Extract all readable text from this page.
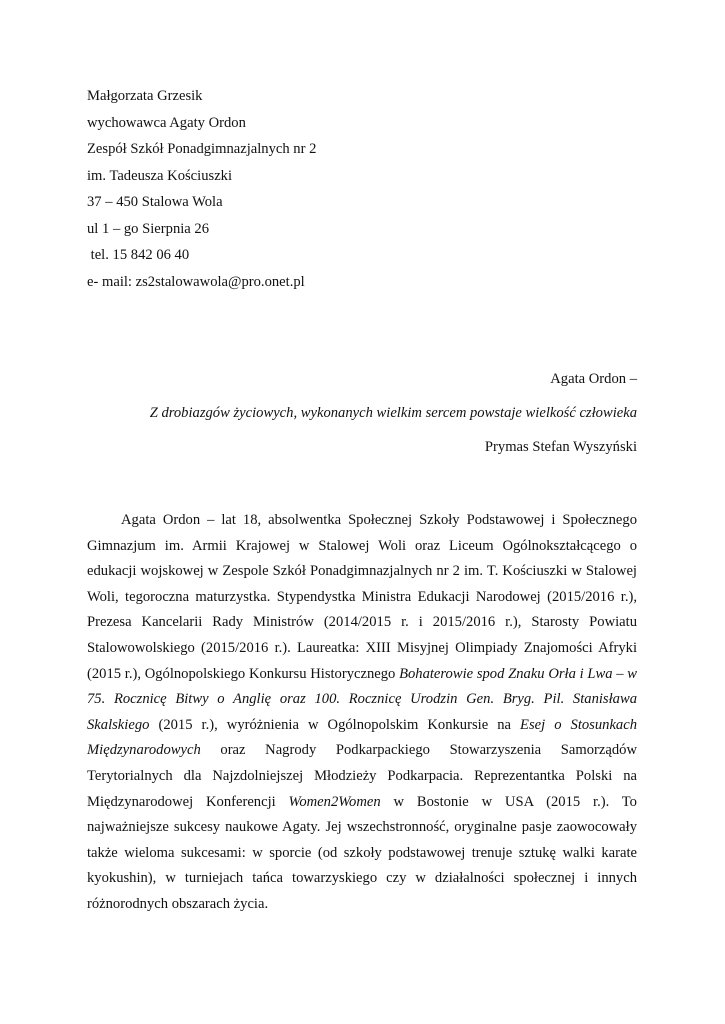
Małgorzata Grzesik
wychowawca Agaty Ordon
Zespół Szkół Ponadgimnazjalnych nr 2
im. Tadeusza Kościuszki
37 – 450 Stalowa Wola
ul 1 – go Sierpnia 26
tel. 15 842 06 40
e- mail: zs2stalowawola@pro.onet.pl
Agata Ordon –
Z drobiazgów życiowych, wykonanych wielkim sercem powstaje wielkość człowieka
Prymas Stefan Wyszyński

Agata Ordon – lat 18, absolwentka Społecznej Szkoły Podstawowej i Społecznego Gimnazjum im. Armii Krajowej w Stalowej Woli oraz Liceum Ogólnokształcącego o edukacji wojskowej w Zespole Szkół Ponadgimnazjalnych nr 2 im. T. Kościuszki w Stalowej Woli, tegoroczna maturzystka. Stypendystka Ministra Edukacji Narodowej (2015/2016 r.), Prezesa Kancelarii Rady Ministrów (2014/2015 r. i 2015/2016 r.), Starosty Powiatu Stalowowolskiego (2015/2016 r.). Laureatka: XIII Misyjnej Olimpiady Znajomości Afryki (2015 r.), Ogólnopolskiego Konkursu Historycznego Bohaterowie spod Znaku Orła i Lwa – w 75. Rocznicę Bitwy o Anglię oraz 100. Rocznicę Urodzin Gen. Bryg. Pil. Stanisława Skalskiego (2015 r.), wyróżnienia w Ogólnopolskim Konkursie na Esej o Stosunkach Międzynarodowych oraz Nagrody Podkarpackiego Stowarzyszenia Samorządów Terytorialnych dla Najzdolniejszej Młodzieży Podkarpacia. Reprezentantka Polski na Międzynarodowej Konferencji Women2Women w Bostonie w USA (2015 r.). To najważniejsze sukcesy naukowe Agaty. Jej wszechstronność, oryginalne pasje zaowocowały także wieloma sukcesami: w sporcie (od szkoły podstawowej trenuje sztukę walki karate kyokushin), w turniejach tańca towarzyskiego czy w działalności społecznej i innych różnorodnych obszarach życia.
